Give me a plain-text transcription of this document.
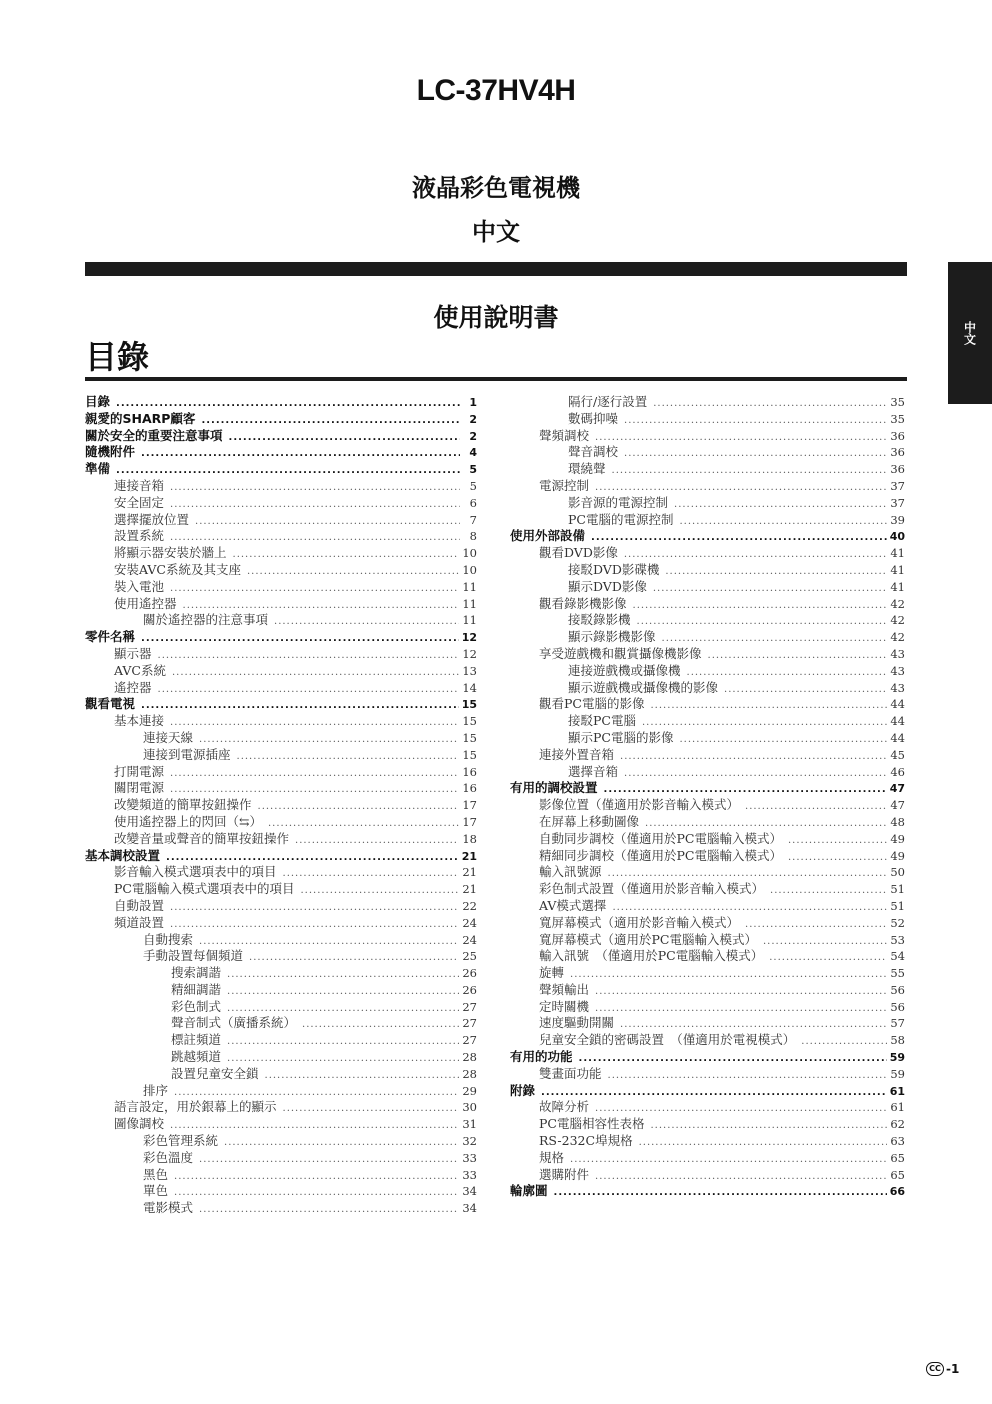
LC-37HV4H
液晶彩色電視機
中文
使用說明書
目錄
中文
目錄 .....	1
親愛的SHARP顧客 .....	2
關於安全的重要注意事項 .....	2
隨機附件 .....	4
準備 .....	5
連接音箱 .....	5
安全固定 .....	6
選擇擺放位置 .....	7
設置系統 .....	8
將顯示器安裝於牆上 .....	10
安裝AVC系統及其支座 .....	10
裝入電池 .....	11
使用遙控器 .....	11
關於遙控器的注意事項 .....	11
零件名稱 .....	12
顯示器 .....	12
AVC系統 .....	13
遙控器 .....	14
觀看電視 .....	15
基本連接 .....	15
連接天線 .....	15
連接到電源插座 .....	15
打開電源 .....	16
關閉電源 .....	16
改變頻道的簡單按鈕操作 .....	17
使用遙控器上的閃回（⇆） .....	17
改變音量或聲音的簡單按鈕操作 .....	18
基本調校設置 .....	21
影音輸入模式選項表中的項目 .....	21
PC電腦輸入模式選項表中的項目 .....	21
自動設置 .....	22
頻道設置 .....	24
自動搜索 .....	24
手動設置每個頻道 .....	25
搜索調諧 .....	26
精細調諧 .....	26
彩色制式 .....	27
聲音制式（廣播系統） .....	27
標註頻道 .....	27
跳越頻道 .....	28
設置兒童安全鎖 .....	28
排序 .....	29
語言設定，用於銀幕上的顯示 .....	30
圖像調校 .....	31
彩色管理系統 .....	32
彩色溫度 .....	33
黑色 .....	33
單色 .....	34
電影模式 .....	34
隔行/逐行設置 .....	35
數碼抑噪 .....	35
聲頻調校 .....	36
聲音調校 .....	36
環繞聲 .....	36
電源控制 .....	37
影音源的電源控制 .....	37
PC電腦的電源控制 .....	39
使用外部設備 .....	40
觀看DVD影像 .....	41
接駁DVD影碟機 .....	41
顯示DVD影像 .....	41
觀看錄影機影像 .....	42
接駁錄影機 .....	42
顯示錄影機影像 .....	42
享受遊戲機和觀賞攝像機影像 .....	43
連接遊戲機或攝像機 .....	43
顯示遊戲機或攝像機的影像 .....	43
觀看PC電腦的影像 .....	44
接駁PC電腦 .....	44
顯示PC電腦的影像 .....	44
連接外置音箱 .....	45
選擇音箱 .....	46
有用的調校設置 .....	47
影像位置（僅適用於影音輸入模式） .....	47
在屏幕上移動圖像 .....	48
自動同步調校（僅適用於PC電腦輸入模式） .....	49
精細同步調校（僅適用於PC電腦輸入模式） .....	49
輸入訊號源 .....	50
彩色制式設置（僅適用於影音輸入模式） .....	51
AV模式選擇 .....	51
寬屏幕模式（適用於影音輸入模式） .....	52
寬屏幕模式（適用於PC電腦輸入模式） .....	53
輸入訊號　（僅適用於PC電腦輸入模式） .....	54
旋轉 .....	55
聲頻輸出 .....	56
定時關機 .....	56
速度驅動開關 .....	57
兒童安全鎖的密碼設置　（僅適用於電視模式） .....	58
有用的功能 .....	59
雙畫面功能 .....	59
附錄 .....	61
故障分析 .....	61
PC電腦相容性表格 .....	62
RS-232C埠規格 .....	63
規格 .....	65
選購附件 .....	65
輪廓圖 .....	66
CC -1
